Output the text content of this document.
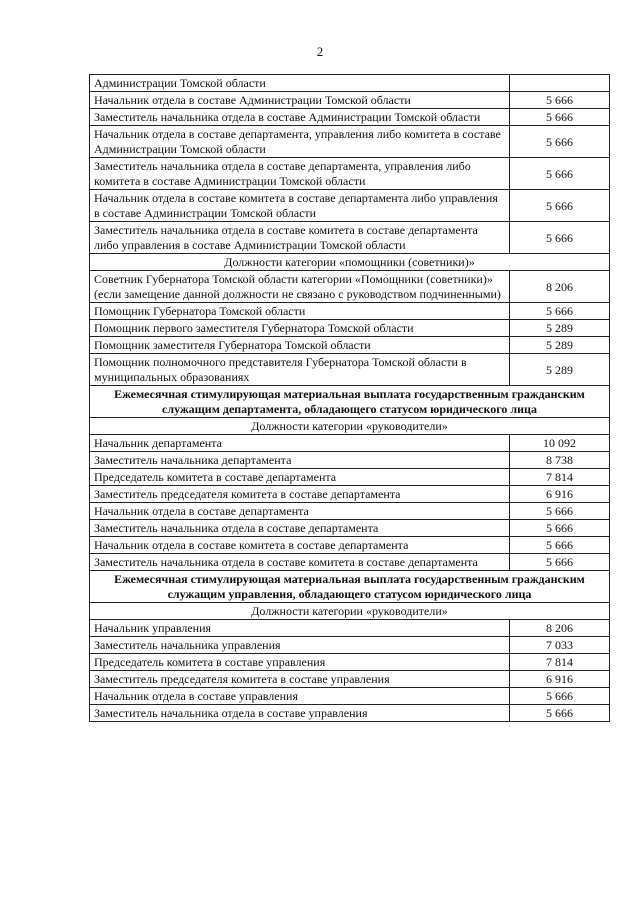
2
Администрации Томской области	
Начальник отдела в составе Администрации Томской области	5 666
Заместитель начальника отдела в составе Администрации Томской области	5 666
Начальник отдела в составе департамента, управления либо комитета в составе Администрации Томской области	5 666
Заместитель начальника отдела в составе департамента, управления либо комитета в составе Администрации Томской области	5 666
Начальник отдела в составе комитета в составе департамента либо управления в составе Администрации Томской области	5 666
Заместитель начальника отдела в составе комитета в составе департамента либо управления в составе Администрации Томской области	5 666
Должности категории «помощники (советники)»	
Советник Губернатора Томской области категории «Помощники (советники)» (если замещение данной должности не связано с руководством подчиненными)	8 206
Помощник Губернатора Томской области	5 666
Помощник первого заместителя Губернатора Томской области	5 289
Помощник заместителя Губернатора Томской области	5 289
Помощник полномочного представителя Губернатора Томской области в муниципальных образованиях	5 289
Ежемесячная стимулирующая материальная выплата государственным гражданским служащим департамента, обладающего статусом юридического лица	
Должности категории «руководители»	
Начальник департамента	10 092
Заместитель начальника департамента	8 738
Председатель комитета в составе департамента	7 814
Заместитель председателя комитета в составе департамента	6 916
Начальник отдела в составе департамента	5 666
Заместитель начальника отдела в составе департамента	5 666
Начальник отдела в составе комитета в составе департамента	5 666
Заместитель начальника отдела в составе комитета в составе департамента	5 666
Ежемесячная стимулирующая материальная выплата государственным гражданским служащим управления, обладающего статусом юридического лица	
Должности категории «руководители»	
Начальник управления	8 206
Заместитель начальника управления	7 033
Председатель комитета в составе управления	7 814
Заместитель председателя комитета в составе управления	6 916
Начальник отдела в составе управления	5 666
Заместитель начальника отдела в составе управления	5 666
